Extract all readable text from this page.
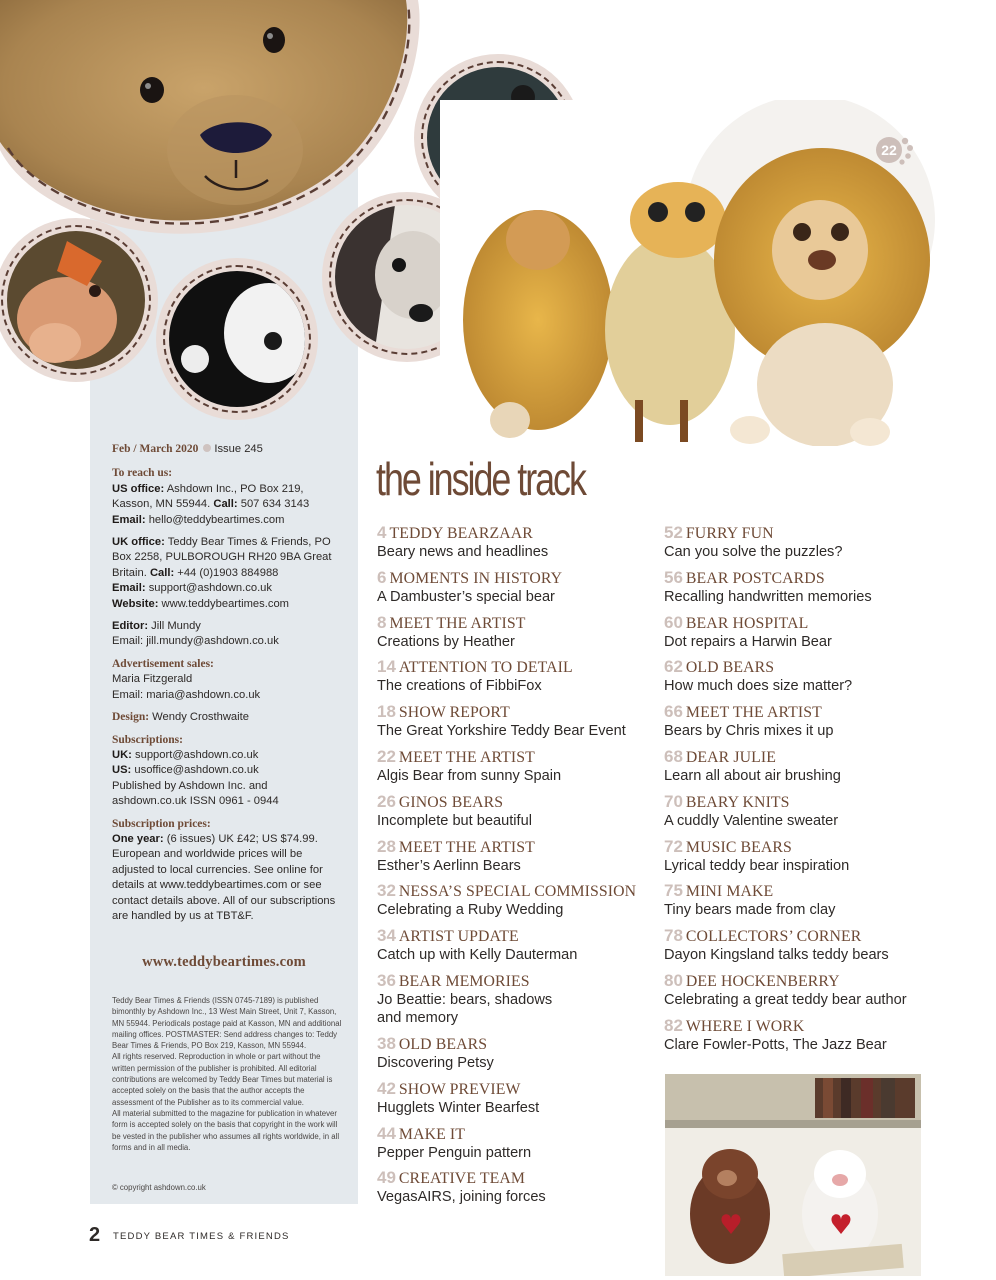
22
Feb / March 2020 Issue 245
To reach us:
US office: Ashdown Inc., PO Box 219, Kasson, MN 55944. Call: 507 634 3143
Email: hello@teddybeartimes.com
UK office: Teddy Bear Times & Friends, PO Box 2258, PULBOROUGH RH20 9BA Great Britain. Call: +44 (0)1903 884988
Email: support@ashdown.co.uk
Website: www.teddybeartimes.com
Editor: Jill Mundy
Email: jill.mundy@ashdown.co.uk
Advertisement sales:
Maria Fitzgerald
Email: maria@ashdown.co.uk
Design: Wendy Crosthwaite
Subscriptions:
UK: support@ashdown.co.uk
US: usoffice@ashdown.co.uk
Published by Ashdown Inc. and ashdown.co.uk ISSN 0961 - 0944
Subscription prices:
One year: (6 issues) UK £42; US $74.99. European and worldwide prices will be adjusted to local currencies. See online for details at www.teddybeartimes.com or see contact details above. All of our subscriptions are handled by us at TBT&F.
www.teddybeartimes.com

Teddy Bear Times & Friends (ISSN 0745-7189) is published bimonthly by Ashdown Inc., 13 West Main Street, Unit 7, Kasson, MN 55944. Periodicals postage paid at Kasson, MN and additional mailing offices. POSTMASTER: Send address changes to: Teddy Bear Times & Friends, PO Box 219, Kasson, MN 55944.

All rights reserved. Reproduction in whole or part without the written permission of the publisher is prohibited. All editorial contributions are welcomed by Teddy Bear Times but material is accepted solely on the basis that the author accepts the assessment of the Publisher as to its commercial value.

All material submitted to the magazine for publication in whatever form is accepted solely on the basis that copyright in the work will be vested in the publisher who assumes all rights worldwide, in all forms and in all media.

© copyright ashdown.co.uk
the inside track
4 TEDDY BEARZAAR
Beary news and headlines
6 MOMENTS IN HISTORY
A Dambuster’s special bear
8 MEET THE ARTIST
Creations by Heather
14 ATTENTION TO DETAIL
The creations of FibbiFox
18 SHOW REPORT
The Great Yorkshire Teddy Bear Event
22 MEET THE ARTIST
Algis Bear from sunny Spain
26 GINOS BEARS
Incomplete but beautiful
28 MEET THE ARTIST
Esther’s Aerlinn Bears
32 NESSA’S SPECIAL COMMISSION
Celebrating a Ruby Wedding
34 ARTIST UPDATE
Catch up with Kelly Dauterman
36 BEAR MEMORIES
Jo Beattie: bears, shadows
and memory
38 OLD BEARS
Discovering Petsy
42 SHOW PREVIEW
Hugglets Winter Bearfest
44 MAKE IT
Pepper Penguin pattern
49 CREATIVE TEAM
VegasAIRS, joining forces
52 FURRY FUN
Can you solve the puzzles?
56 BEAR POSTCARDS
Recalling handwritten memories
60 BEAR HOSPITAL
Dot repairs a Harwin Bear
62 OLD BEARS
How much does size matter?
66 MEET THE ARTIST
Bears by Chris mixes it up
68 DEAR JULIE
Learn all about air brushing
70 BEARY KNITS
A cuddly Valentine sweater
72 MUSIC BEARS
Lyrical teddy bear inspiration
75 MINI MAKE
Tiny bears made from clay
78 COLLECTORS’ CORNER
Dayon Kingsland talks teddy bears
80 DEE HOCKENBERRY
Celebrating a great teddy bear author
82 WHERE I WORK
Clare Fowler-Potts, The Jazz Bear
2 TEDDY BEAR TIMES & FRIENDS
